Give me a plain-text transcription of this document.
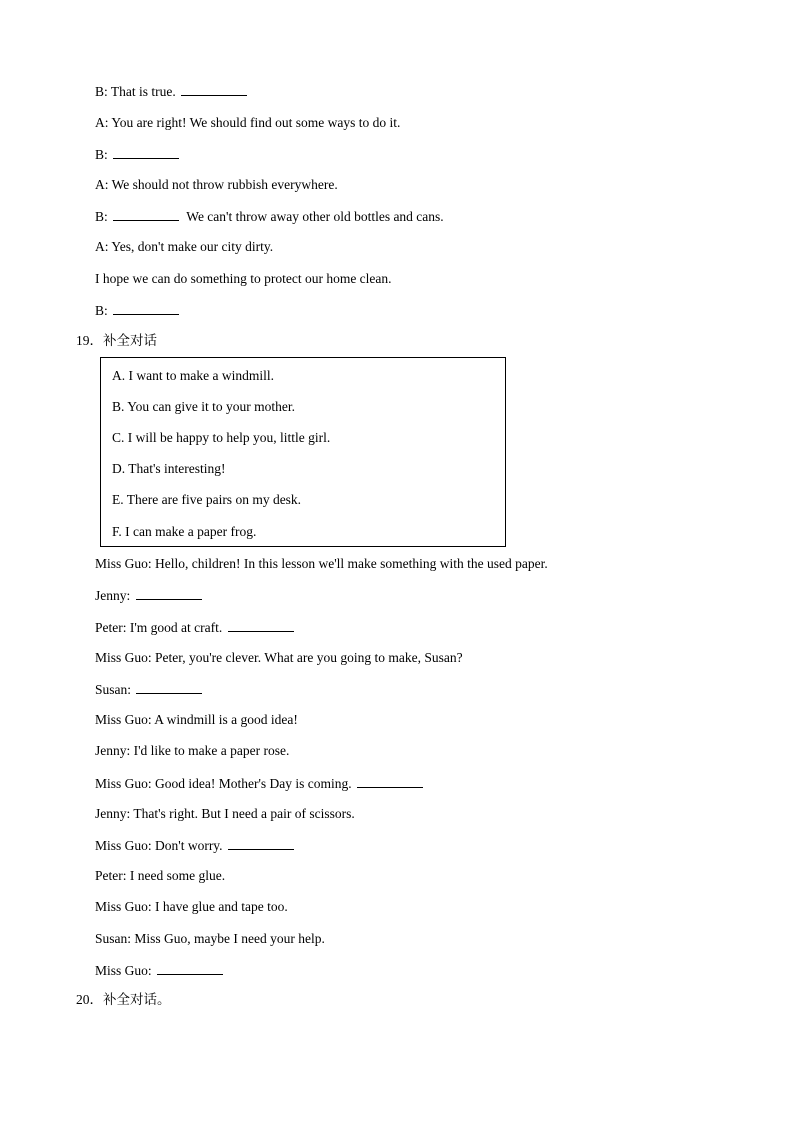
B: That is true.
A: You are right! We should find out some ways to do it.
B:
A: We should not throw rubbish everywhere.
B:	We can't throw away other old bottles and cans.
A: Yes, don't make our city dirty.
I hope we can do something to protect our home clean.
B:
19．补全对话
A. I want to make a windmill.
B. You can give it to your mother.
C. I will be happy to help you, little girl.
D. That's interesting!
E. There are five pairs on my desk.
F. I can make a paper frog.
Miss Guo: Hello, children! In this lesson we'll make something with the used paper.
Jenny:
Peter: I'm good at craft.
Miss Guo: Peter, you're clever. What are you going to make, Susan?
Susan:
Miss Guo: A windmill is a good idea!
Jenny: I'd like to make a paper rose.
Miss Guo: Good idea! Mother's Day is coming.
Jenny: That's right. But I need a pair of scissors.
Miss Guo: Don't worry.
Peter: I need some glue.
Miss Guo: I have glue and tape too.
Susan: Miss Guo, maybe I need your help.
Miss Guo:
20．补全对话。
